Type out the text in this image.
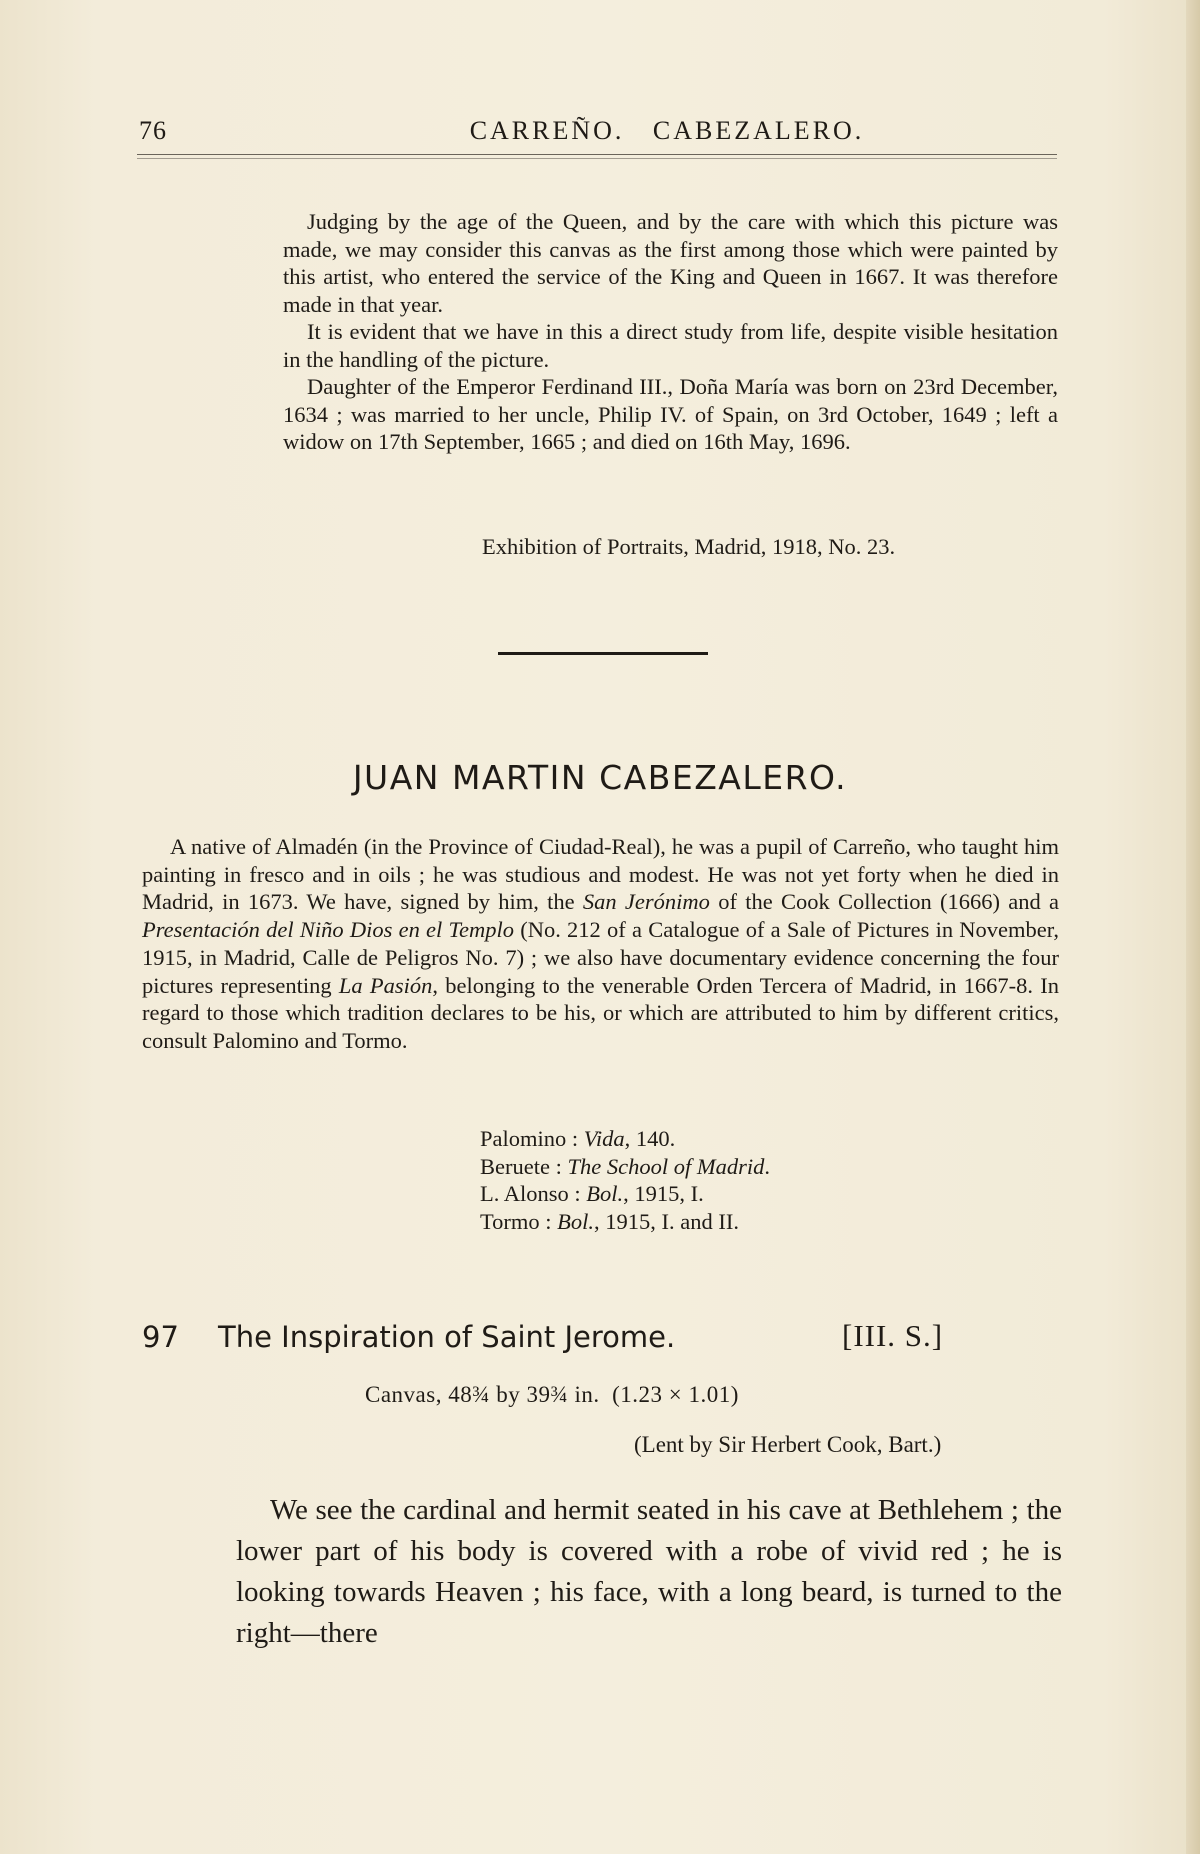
76	CARREÑO.   CABEZALERO.

Judging by the age of the Queen, and by the care with which this picture was made, we may consider this canvas as the first among those which were painted by this artist, who entered the service of the King and Queen in 1667. It was therefore made in that year.

It is evident that we have in this a direct study from life, despite visible hesitation in the handling of the picture.

Daughter of the Emperor Ferdinand III., Doña María was born on 23rd December, 1634 ; was married to her uncle, Philip IV. of Spain, on 3rd October, 1649 ; left a widow on 17th September, 1665 ; and died on 16th May, 1696.

Exhibition of Portraits, Madrid, 1918, No. 23.
JUAN MARTIN CABEZALERO.

A native of Almadén (in the Province of Ciudad-Real), he was a pupil of Carreño, who taught him painting in fresco and in oils ; he was studious and modest. He was not yet forty when he died in Madrid, in 1673. We have, signed by him, the San Jerónimo of the Cook Collection (1666) and a Presentación del Niño Dios en el Templo (No. 212 of a Catalogue of a Sale of Pictures in November, 1915, in Madrid, Calle de Peligros No. 7) ; we also have documentary evidence concerning the four pictures representing La Pasión, belonging to the venerable Orden Tercera of Madrid, in 1667-8. In regard to those which tradition declares to be his, or which are attributed to him by different critics, consult Palomino and Tormo.

Palomino : Vida, 140.
Beruete : The School of Madrid.
L. Alonso : Bol., 1915, I.
Tormo : Bol., 1915, I. and II.
97 The Inspiration of Saint Jerome.	[III. S.]
Canvas, 48¾ by 39¾ in.  (1.23 × 1.01)
(Lent by Sir Herbert Cook, Bart.)

We see the cardinal and hermit seated in his cave at Bethlehem ; the lower part of his body is covered with a robe of vivid red ; he is looking towards Heaven ; his face, with a long beard, is turned to the right—there
